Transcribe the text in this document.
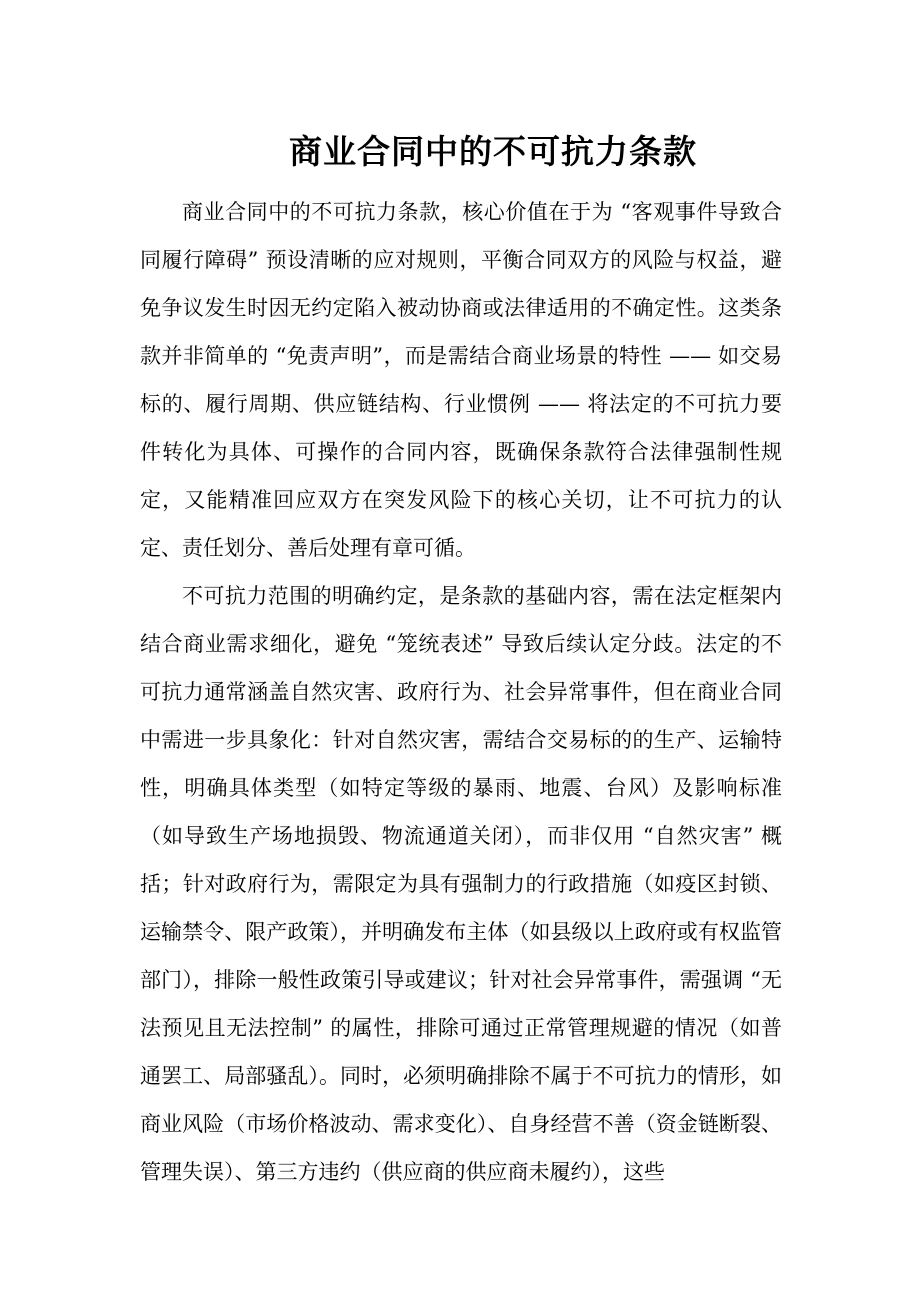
商业合同中的不可抗力条款

商业合同中的不可抗力条款，核心价值在于为 “客观事件导致合同履行障碍” 预设清晰的应对规则，平衡合同双方的风险与权益，避免争议发生时因无约定陷入被动协商或法律适用的不确定性。这类条款并非简单的 “免责声明”，而是需结合商业场景的特性 —— 如交易标的、履行周期、供应链结构、行业惯例 —— 将法定的不可抗力要件转化为具体、可操作的合同内容，既确保条款符合法律强制性规定，又能精准回应双方在突发风险下的核心关切，让不可抗力的认定、责任划分、善后处理有章可循。

不可抗力范围的明确约定，是条款的基础内容，需在法定框架内结合商业需求细化，避免 “笼统表述” 导致后续认定分歧。法定的不可抗力通常涵盖自然灾害、政府行为、社会异常事件，但在商业合同中需进一步具象化：针对自然灾害，需结合交易标的的生产、运输特性，明确具体类型（如特定等级的暴雨、地震、台风）及影响标准（如导致生产场地损毁、物流通道关闭），而非仅用 “自然灾害” 概括；针对政府行为，需限定为具有强制力的行政措施（如疫区封锁、运输禁令、限产政策），并明确发布主体（如县级以上政府或有权监管部门），排除一般性政策引导或建议；针对社会异常事件，需强调 “无法预见且无法控制” 的属性，排除可通过正常管理规避的情况（如普通罢工、局部骚乱）。同时，必须明确排除不属于不可抗力的情形，如商业风险（市场价格波动、需求变化）、自身经营不善（资金链断裂、管理失误）、第三方违约（供应商的供应商未履约），这些
